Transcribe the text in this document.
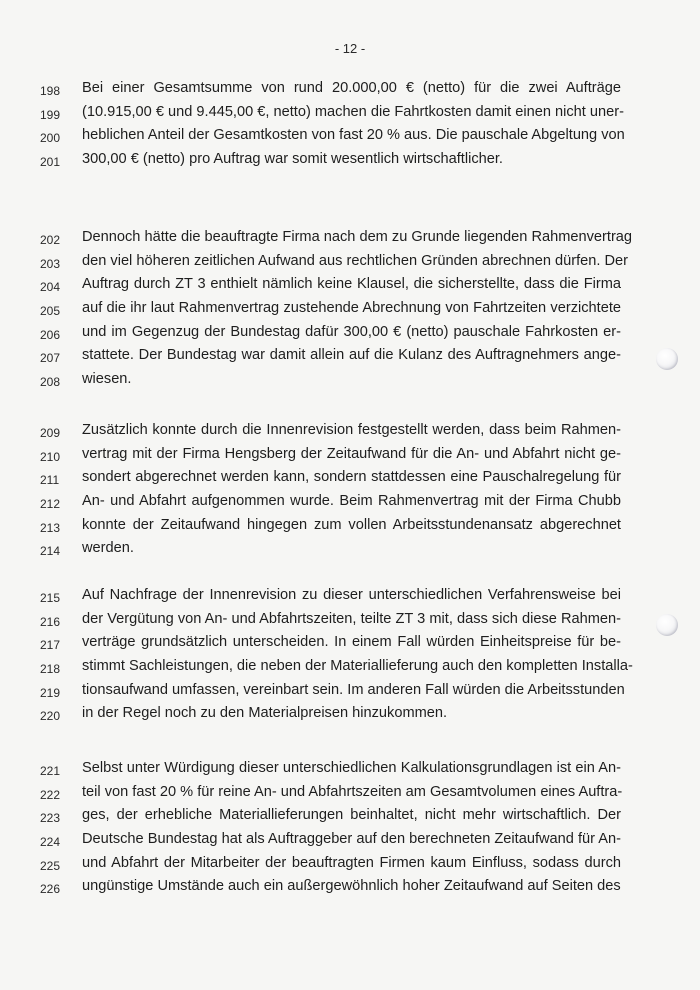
- 12 -
198 Bei einer Gesamtsumme von rund 20.000,00 € (netto) für die zwei Aufträge
199 (10.915,00 € und 9.445,00 €, netto) machen die Fahrtkosten damit einen nicht uner-
200 heblichen Anteil der Gesamtkosten von fast 20 % aus. Die pauschale Abgeltung von
201 300,00 € (netto) pro Auftrag war somit wesentlich wirtschaftlicher.
202 Dennoch hätte die beauftragte Firma nach dem zu Grunde liegenden Rahmenvertrag
203 den viel höheren zeitlichen Aufwand aus rechtlichen Gründen abrechnen dürfen. Der
204 Auftrag durch ZT 3 enthielt nämlich keine Klausel, die sicherstellte, dass die Firma
205 auf die ihr laut Rahmenvertrag zustehende Abrechnung von Fahrtzeiten verzichtete
206 und im Gegenzug der Bundestag dafür 300,00 € (netto) pauschale Fahrkosten er-
207 stattete. Der Bundestag war damit allein auf die Kulanz des Auftragnehmers ange-
208 wiesen.
209 Zusätzlich konnte durch die Innenrevision festgestellt werden, dass beim Rahmen-
210 vertrag mit der Firma Hengsberg der Zeitaufwand für die An- und Abfahrt nicht ge-
211 sondert abgerechnet werden kann, sondern stattdessen eine Pauschalregelung für
212 An- und Abfahrt aufgenommen wurde. Beim Rahmenvertrag mit der Firma Chubb
213 konnte der Zeitaufwand hingegen zum vollen Arbeitsstundenansatz abgerechnet
214 werden.
215 Auf Nachfrage der Innenrevision zu dieser unterschiedlichen Verfahrensweise bei
216 der Vergütung von An- und Abfahrtszeiten, teilte ZT 3 mit, dass sich diese Rahmen-
217 verträge grundsätzlich unterscheiden. In einem Fall würden Einheitspreise für be-
218 stimmt Sachleistungen, die neben der Materiallieferung auch den kompletten Installa-
219 tionsaufwand umfassen, vereinbart sein. Im anderen Fall würden die Arbeitsstunden
220 in der Regel noch zu den Materialpreisen hinzukommen.
221 Selbst unter Würdigung dieser unterschiedlichen Kalkulationsgrundlagen ist ein An-
222 teil von fast 20 % für reine An- und Abfahrtszeiten am Gesamtvolumen eines Auftra-
223 ges, der erhebliche Materiallieferungen beinhaltet, nicht mehr wirtschaftlich. Der
224 Deutsche Bundestag hat als Auftraggeber auf den berechneten Zeitaufwand für An-
225 und Abfahrt der Mitarbeiter der beauftragten Firmen kaum Einfluss, sodass durch
226 ungünstige Umstände auch ein außergewöhnlich hoher Zeitaufwand auf Seiten des
